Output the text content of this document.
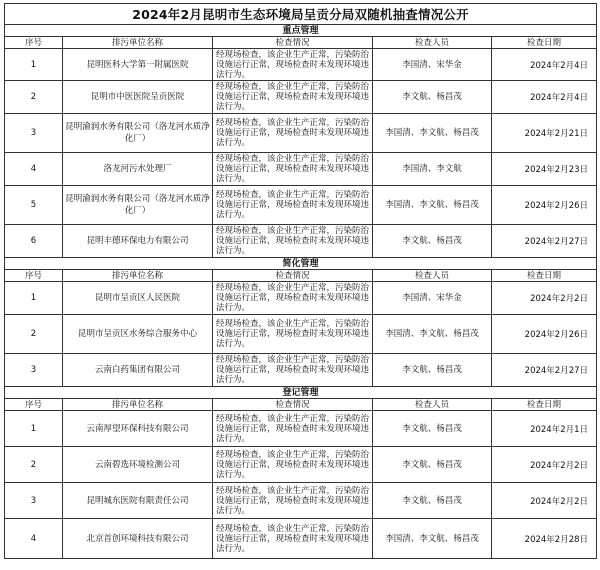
2024年2月昆明市生态环境局呈贡分局双随机抽查情况公开				
重点管理				
序号	排污单位名称	检查情况	检查人员	检查日期
1	昆明医科大学第一附属医院	经现场检查，该企业生产正常，污染防治设施运行正常，现场检查时未发现环境违法行为。	李国清、宋华金	2024年2月4日
2	昆明市中医医院呈贡医院	经现场检查，该企业生产正常，污染防治设施运行正常，现场检查时未发现环境违法行为。	李文航、杨昌茂	2024年2月4日
3	昆明渝润水务有限公司（洛龙河水质净化厂）	经现场检查，该企业生产正常，污染防治设施运行正常，现场检查时未发现环境违法行为。	李国清、李文航、杨昌茂	2024年2月21日
4	洛龙河污水处理厂	经现场检查，该企业生产正常，污染防治设施运行正常，现场检查时未发现环境违法行为。	李国清、李文航	2024年2月23日
5	昆明渝润水务有限公司（洛龙河水质净化厂）	经现场检查，该企业生产正常，污染防治设施运行正常，现场检查时未发现环境违法行为。	李国清、李文航、杨昌茂	2024年2月26日
6	昆明丰德环保电力有限公司	经现场检查，该企业生产正常，污染防治设施运行正常，现场检查时未发现环境违法行为。	李文航、杨昌茂	2024年2月27日
简化管理				
序号	排污单位名称	检查情况	检查人员	检查日期
1	昆明市呈贡区人民医院	经现场检查，该企业生产正常，污染防治设施运行正常，现场检查时未发现环境违法行为。	李国清、宋华金	2024年2月2日
2	昆明市呈贡区水务综合服务中心	经现场检查，该企业生产正常，污染防治设施运行正常，现场检查时未发现环境违法行为。	李国清、李文航、杨昌茂	2024年2月26日
3	云南白药集团有限公司	经现场检查，该企业生产正常，污染防治设施运行正常，现场检查时未发现环境违法行为。	李文航、杨昌茂	2024年2月27日
登记管理				
序号	排污单位名称	检查情况	检查人员	检查日期
1	云南厚望环保科技有限公司	经现场检查，该企业生产正常，污染防治设施运行正常，现场检查时未发现环境违法行为。	李文航、杨昌茂	2024年2月1日
2	云南碧选环境检测公司	经现场检查，该企业生产正常，污染防治设施运行正常，现场检查时未发现环境违法行为。	李文航、杨昌茂	2024年2月2日
3	昆明城东医院有限责任公司	经现场检查，该企业生产正常，污染防治设施运行正常，现场检查时未发现环境违法行为。	李文航、杨昌茂	2024年2月2日
4	北京首创环境科技有限公司	经现场检查，该企业生产正常，污染防治设施运行正常，现场检查时未发现环境违法行为。	李国清、李文航、杨昌茂	2024年2月28日
